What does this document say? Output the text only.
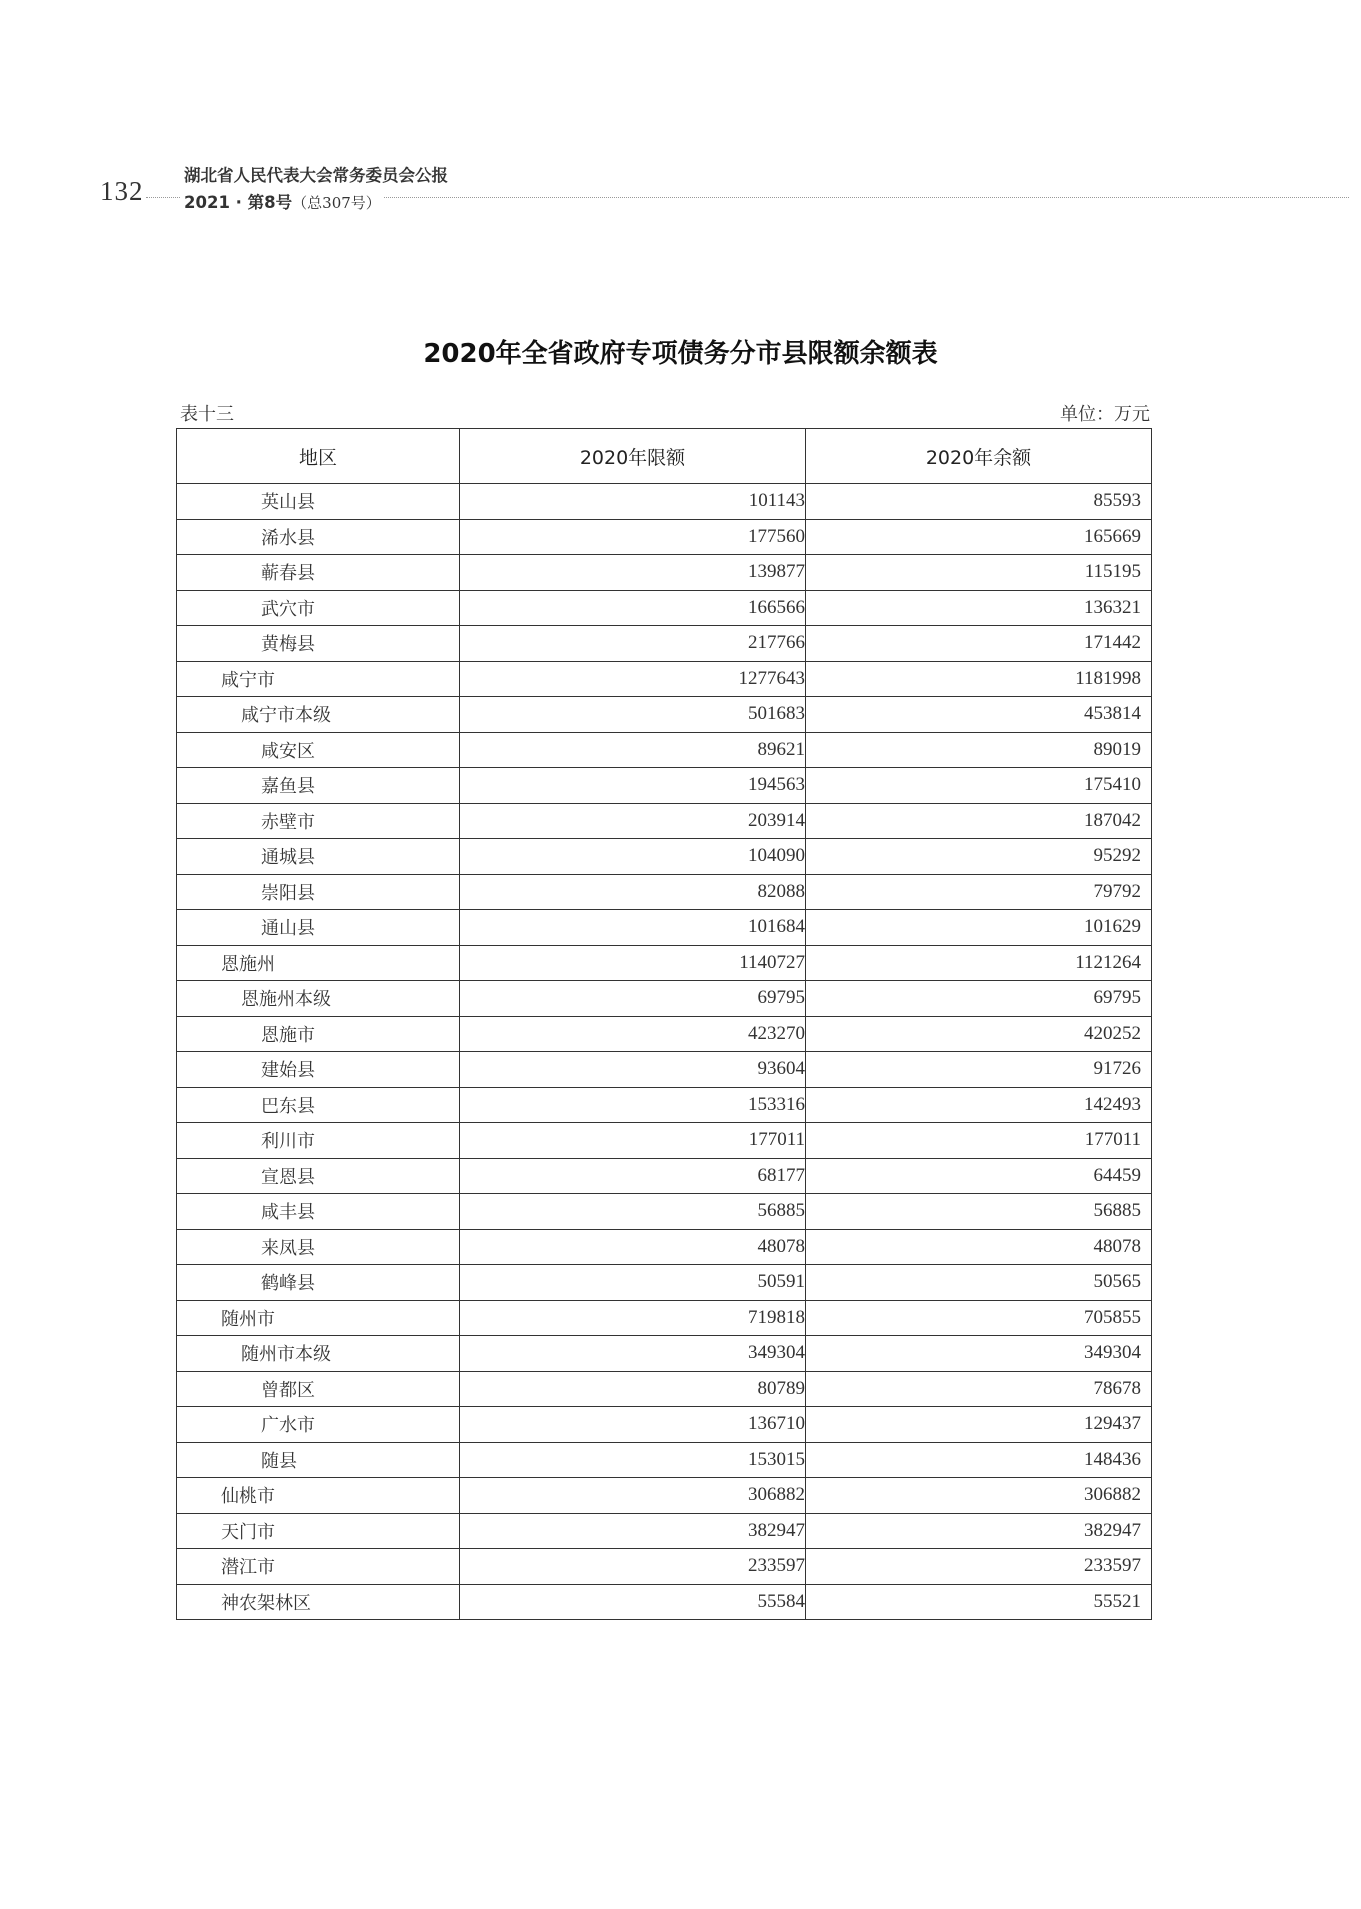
132
湖北省人民代表大会常务委员会公报
2021 · 第8号（总307号）
2020年全省政府专项债务分市县限额余额表
表十三	单位：万元
地区	2020年限额	2020年余额
英山县	101143	85593
浠水县	177560	165669
蕲春县	139877	115195
武穴市	166566	136321
黄梅县	217766	171442
咸宁市	1277643	1181998
咸宁市本级	501683	453814
咸安区	89621	89019
嘉鱼县	194563	175410
赤壁市	203914	187042
通城县	104090	95292
崇阳县	82088	79792
通山县	101684	101629
恩施州	1140727	1121264
恩施州本级	69795	69795
恩施市	423270	420252
建始县	93604	91726
巴东县	153316	142493
利川市	177011	177011
宣恩县	68177	64459
咸丰县	56885	56885
来凤县	48078	48078
鹤峰县	50591	50565
随州市	719818	705855
随州市本级	349304	349304
曾都区	80789	78678
广水市	136710	129437
随县	153015	148436
仙桃市	306882	306882
天门市	382947	382947
潜江市	233597	233597
神农架林区	55584	55521
